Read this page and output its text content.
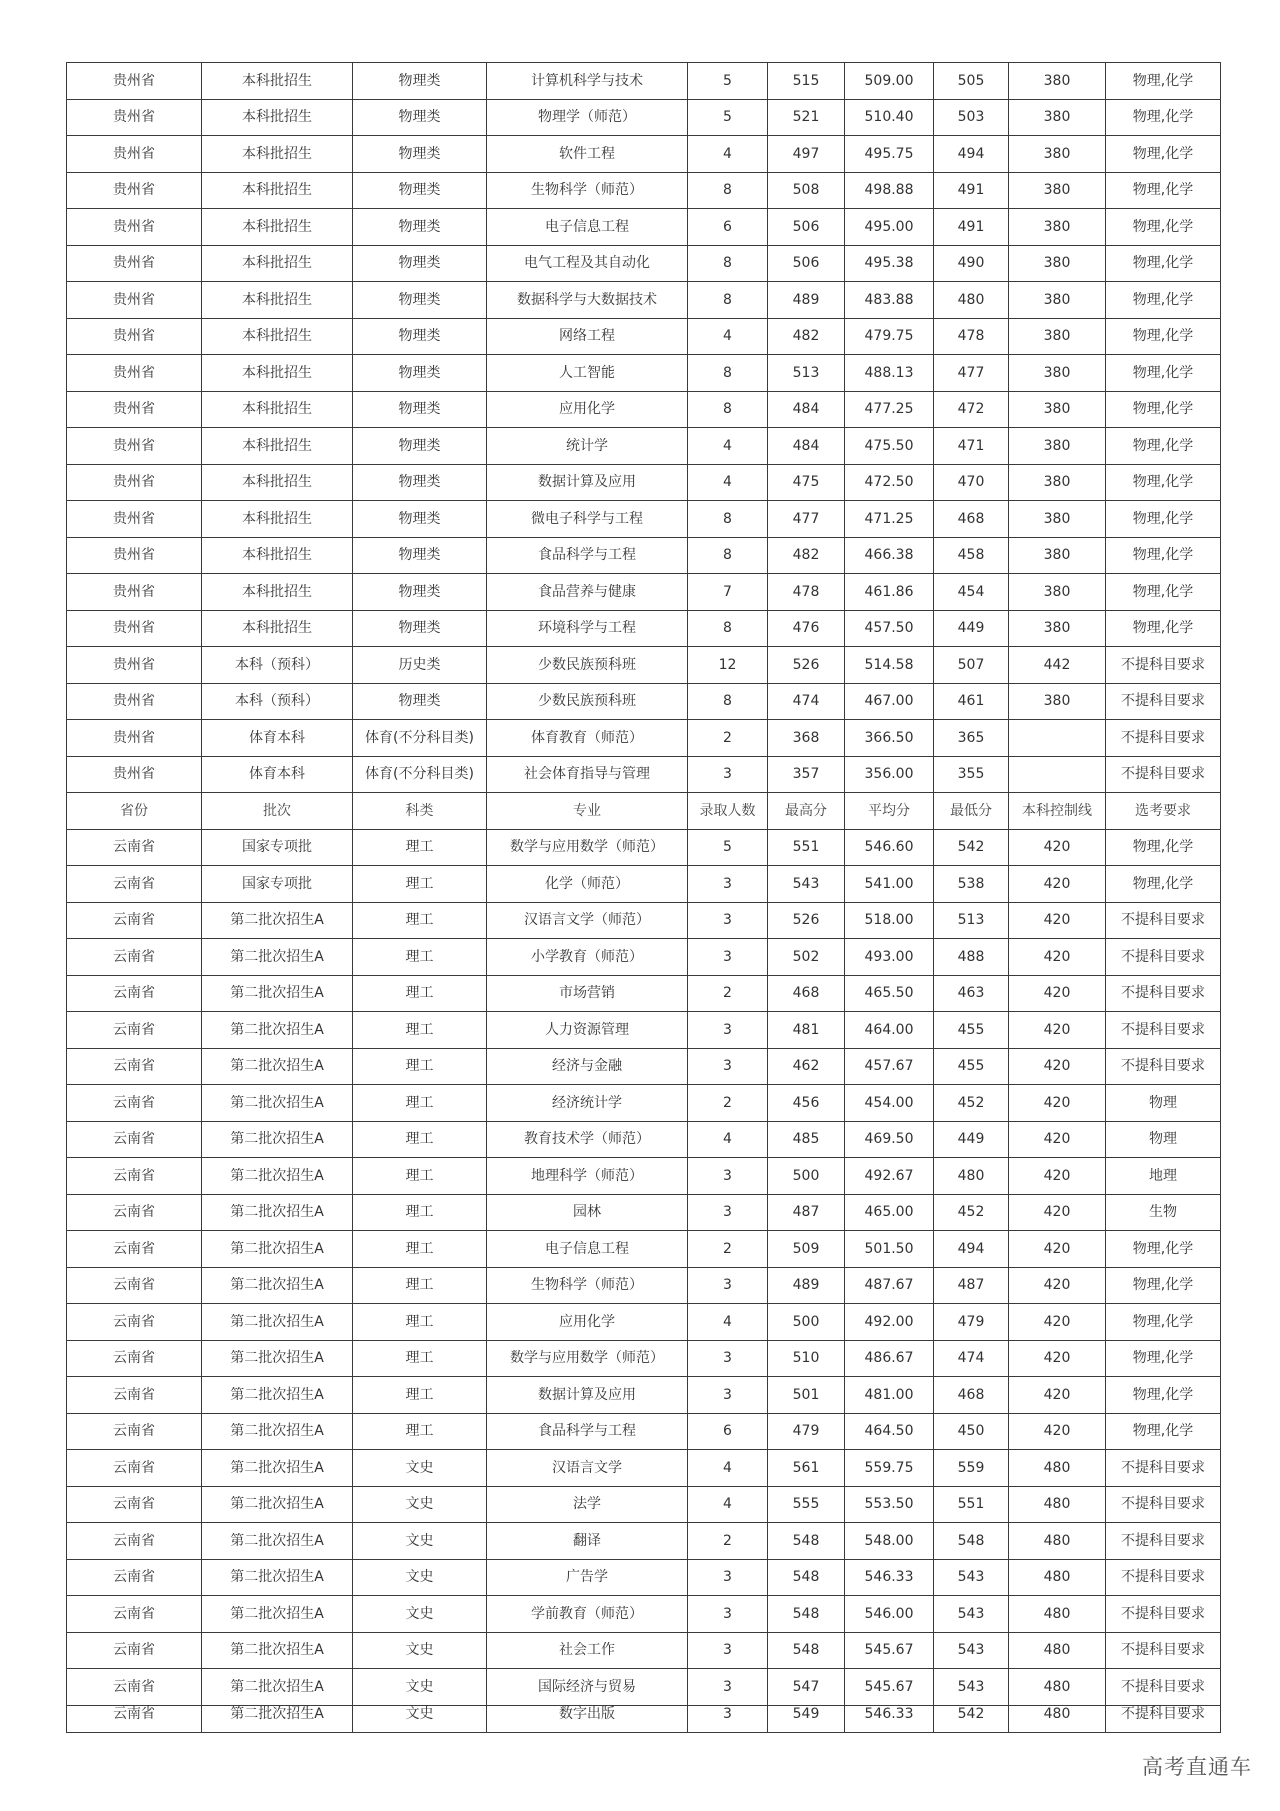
贵州省	本科批招生	物理类	计算机科学与技术	5	515	509.00	505	380	物理,化学
贵州省	本科批招生	物理类	物理学（师范）	5	521	510.40	503	380	物理,化学
贵州省	本科批招生	物理类	软件工程	4	497	495.75	494	380	物理,化学
贵州省	本科批招生	物理类	生物科学（师范）	8	508	498.88	491	380	物理,化学
贵州省	本科批招生	物理类	电子信息工程	6	506	495.00	491	380	物理,化学
贵州省	本科批招生	物理类	电气工程及其自动化	8	506	495.38	490	380	物理,化学
贵州省	本科批招生	物理类	数据科学与大数据技术	8	489	483.88	480	380	物理,化学
贵州省	本科批招生	物理类	网络工程	4	482	479.75	478	380	物理,化学
贵州省	本科批招生	物理类	人工智能	8	513	488.13	477	380	物理,化学
贵州省	本科批招生	物理类	应用化学	8	484	477.25	472	380	物理,化学
贵州省	本科批招生	物理类	统计学	4	484	475.50	471	380	物理,化学
贵州省	本科批招生	物理类	数据计算及应用	4	475	472.50	470	380	物理,化学
贵州省	本科批招生	物理类	微电子科学与工程	8	477	471.25	468	380	物理,化学
贵州省	本科批招生	物理类	食品科学与工程	8	482	466.38	458	380	物理,化学
贵州省	本科批招生	物理类	食品营养与健康	7	478	461.86	454	380	物理,化学
贵州省	本科批招生	物理类	环境科学与工程	8	476	457.50	449	380	物理,化学
贵州省	本科（预科）	历史类	少数民族预科班	12	526	514.58	507	442	不提科目要求
贵州省	本科（预科）	物理类	少数民族预科班	8	474	467.00	461	380	不提科目要求
贵州省	体育本科	体育(不分科目类)	体育教育（师范）	2	368	366.50	365		不提科目要求
贵州省	体育本科	体育(不分科目类)	社会体育指导与管理	3	357	356.00	355		不提科目要求
省份	批次	科类	专业	录取人数	最高分	平均分	最低分	本科控制线	选考要求
云南省	国家专项批	理工	数学与应用数学（师范）	5	551	546.60	542	420	物理,化学
云南省	国家专项批	理工	化学（师范）	3	543	541.00	538	420	物理,化学
云南省	第二批次招生A	理工	汉语言文学（师范）	3	526	518.00	513	420	不提科目要求
云南省	第二批次招生A	理工	小学教育（师范）	3	502	493.00	488	420	不提科目要求
云南省	第二批次招生A	理工	市场营销	2	468	465.50	463	420	不提科目要求
云南省	第二批次招生A	理工	人力资源管理	3	481	464.00	455	420	不提科目要求
云南省	第二批次招生A	理工	经济与金融	3	462	457.67	455	420	不提科目要求
云南省	第二批次招生A	理工	经济统计学	2	456	454.00	452	420	物理
云南省	第二批次招生A	理工	教育技术学（师范）	4	485	469.50	449	420	物理
云南省	第二批次招生A	理工	地理科学（师范）	3	500	492.67	480	420	地理
云南省	第二批次招生A	理工	园林	3	487	465.00	452	420	生物
云南省	第二批次招生A	理工	电子信息工程	2	509	501.50	494	420	物理,化学
云南省	第二批次招生A	理工	生物科学（师范）	3	489	487.67	487	420	物理,化学
云南省	第二批次招生A	理工	应用化学	4	500	492.00	479	420	物理,化学
云南省	第二批次招生A	理工	数学与应用数学（师范）	3	510	486.67	474	420	物理,化学
云南省	第二批次招生A	理工	数据计算及应用	3	501	481.00	468	420	物理,化学
云南省	第二批次招生A	理工	食品科学与工程	6	479	464.50	450	420	物理,化学
云南省	第二批次招生A	文史	汉语言文学	4	561	559.75	559	480	不提科目要求
云南省	第二批次招生A	文史	法学	4	555	553.50	551	480	不提科目要求
云南省	第二批次招生A	文史	翻译	2	548	548.00	548	480	不提科目要求
云南省	第二批次招生A	文史	广告学	3	548	546.33	543	480	不提科目要求
云南省	第二批次招生A	文史	学前教育（师范）	3	548	546.00	543	480	不提科目要求
云南省	第二批次招生A	文史	社会工作	3	548	545.67	543	480	不提科目要求
云南省	第二批次招生A	文史	国际经济与贸易	3	547	545.67	543	480	不提科目要求
云南省	第二批次招生A	文史	数字出版	3	549	546.33	542	480	不提科目要求
高考直通车
